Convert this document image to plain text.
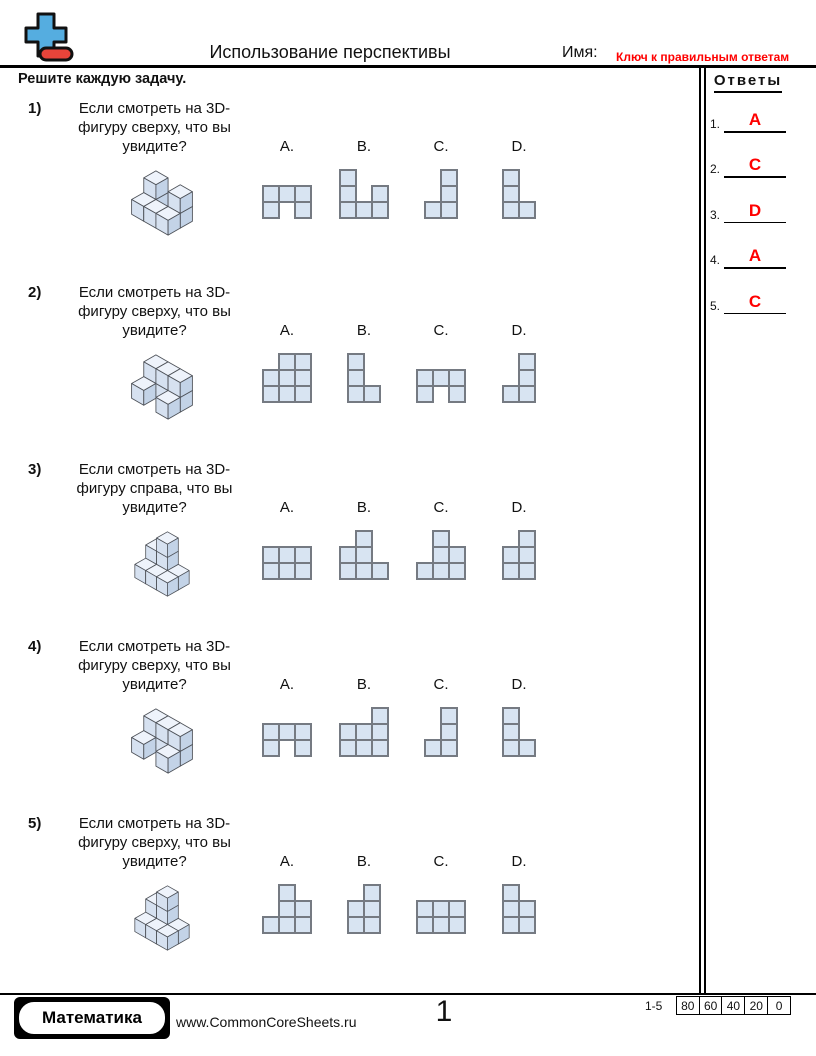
Использование перспективы	Имя: Ключ к правильным ответам
Решите каждую задачу.	Ответы
1.	A
2.	C
3.	D
4.	A
5.	C
1)	Если смотреть на 3D-
фигуру сверху, что вы
увидите?	A.	B.	C.	D.
2)	Если смотреть на 3D-
фигуру сверху, что вы
увидите?	A.	B.	C.	D.
3)	Если смотреть на 3D-
фигуру справа, что вы
увидите?	A.	B.	C.	D.
4)	Если смотреть на 3D-
фигуру сверху, что вы
увидите?	A.	B.	C.	D.
5)	Если смотреть на 3D-
фигуру сверху, что вы
увидите?	A.	B.	C.	D.
Математика	www.CommonCoreSheets.ru	1	1-5	80 60 40 20	0
